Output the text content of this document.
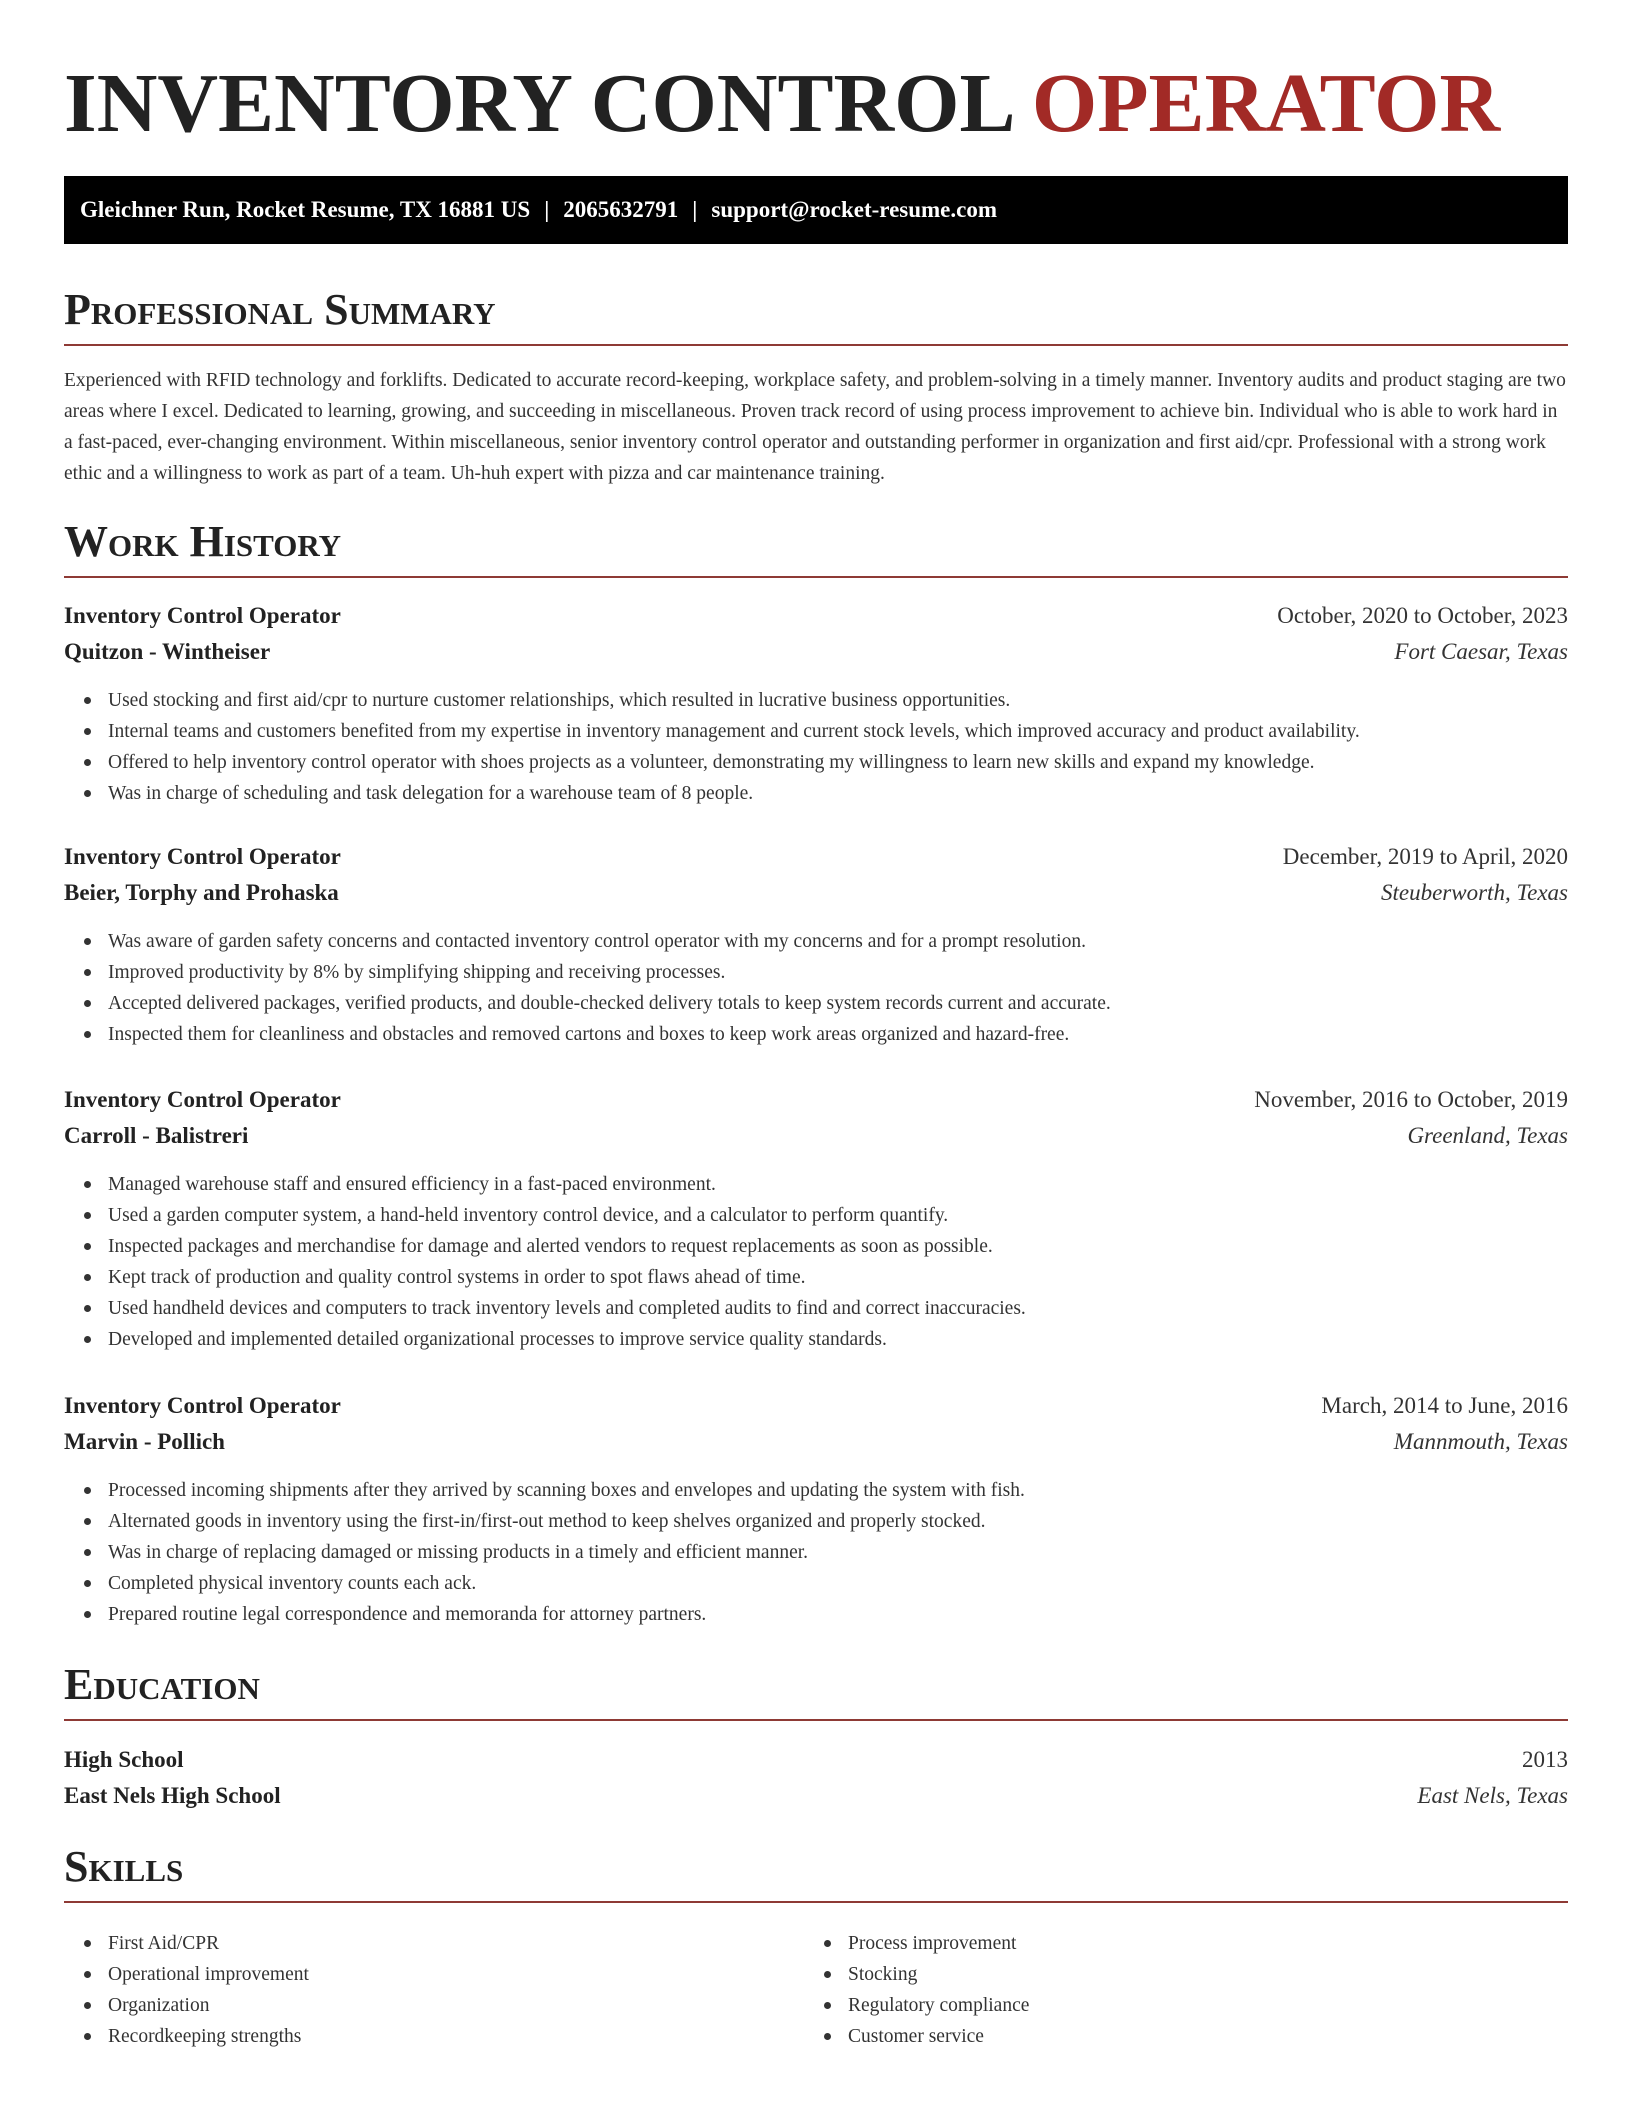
INVENTORY CONTROL OPERATOR
Gleichner Run, Rocket Resume, TX 16881 US | 2065632791 | support@rocket-resume.com
Professional Summary

Experienced with RFID technology and forklifts. Dedicated to accurate record-keeping, workplace safety, and problem-solving in a timely manner. Inventory audits and product staging are two areas where I excel. Dedicated to learning, growing, and succeeding in miscellaneous. Proven track record of using process improvement to achieve bin. Individual who is able to work hard in a fast-paced, ever-changing environment. Within miscellaneous, senior inventory control operator and outstanding performer in organization and first aid/cpr. Professional with a strong work ethic and a willingness to work as part of a team. Uh-huh expert with pizza and car maintenance training.

Work History
Inventory Control Operator	October, 2020 to October, 2023
Quitzon - Wintheiser	Fort Caesar, Texas
Used stocking and first aid/cpr to nurture customer relationships, which resulted in lucrative business opportunities.
Internal teams and customers benefited from my expertise in inventory management and current stock levels, which improved accuracy and product availability.
Offered to help inventory control operator with shoes projects as a volunteer, demonstrating my willingness to learn new skills and expand my knowledge.
Was in charge of scheduling and task delegation for a warehouse team of 8 people.
Inventory Control Operator	December, 2019 to April, 2020
Beier, Torphy and Prohaska	Steuberworth, Texas
Was aware of garden safety concerns and contacted inventory control operator with my concerns and for a prompt resolution.
Improved productivity by 8% by simplifying shipping and receiving processes.
Accepted delivered packages, verified products, and double-checked delivery totals to keep system records current and accurate.
Inspected them for cleanliness and obstacles and removed cartons and boxes to keep work areas organized and hazard-free.
Inventory Control Operator	November, 2016 to October, 2019
Carroll - Balistreri	Greenland, Texas
Managed warehouse staff and ensured efficiency in a fast-paced environment.
Used a garden computer system, a hand-held inventory control device, and a calculator to perform quantify.
Inspected packages and merchandise for damage and alerted vendors to request replacements as soon as possible.
Kept track of production and quality control systems in order to spot flaws ahead of time.
Used handheld devices and computers to track inventory levels and completed audits to find and correct inaccuracies.
Developed and implemented detailed organizational processes to improve service quality standards.
Inventory Control Operator	March, 2014 to June, 2016
Marvin - Pollich	Mannmouth, Texas
Processed incoming shipments after they arrived by scanning boxes and envelopes and updating the system with fish.
Alternated goods in inventory using the first-in/first-out method to keep shelves organized and properly stocked.
Was in charge of replacing damaged or missing products in a timely and efficient manner.
Completed physical inventory counts each ack.
Prepared routine legal correspondence and memoranda for attorney partners.
Education
High School	2013
East Nels High School	East Nels, Texas
Skills
First Aid/CPR
Operational improvement
Organization
Recordkeeping strengths
Process improvement
Stocking
Regulatory compliance
Customer service
